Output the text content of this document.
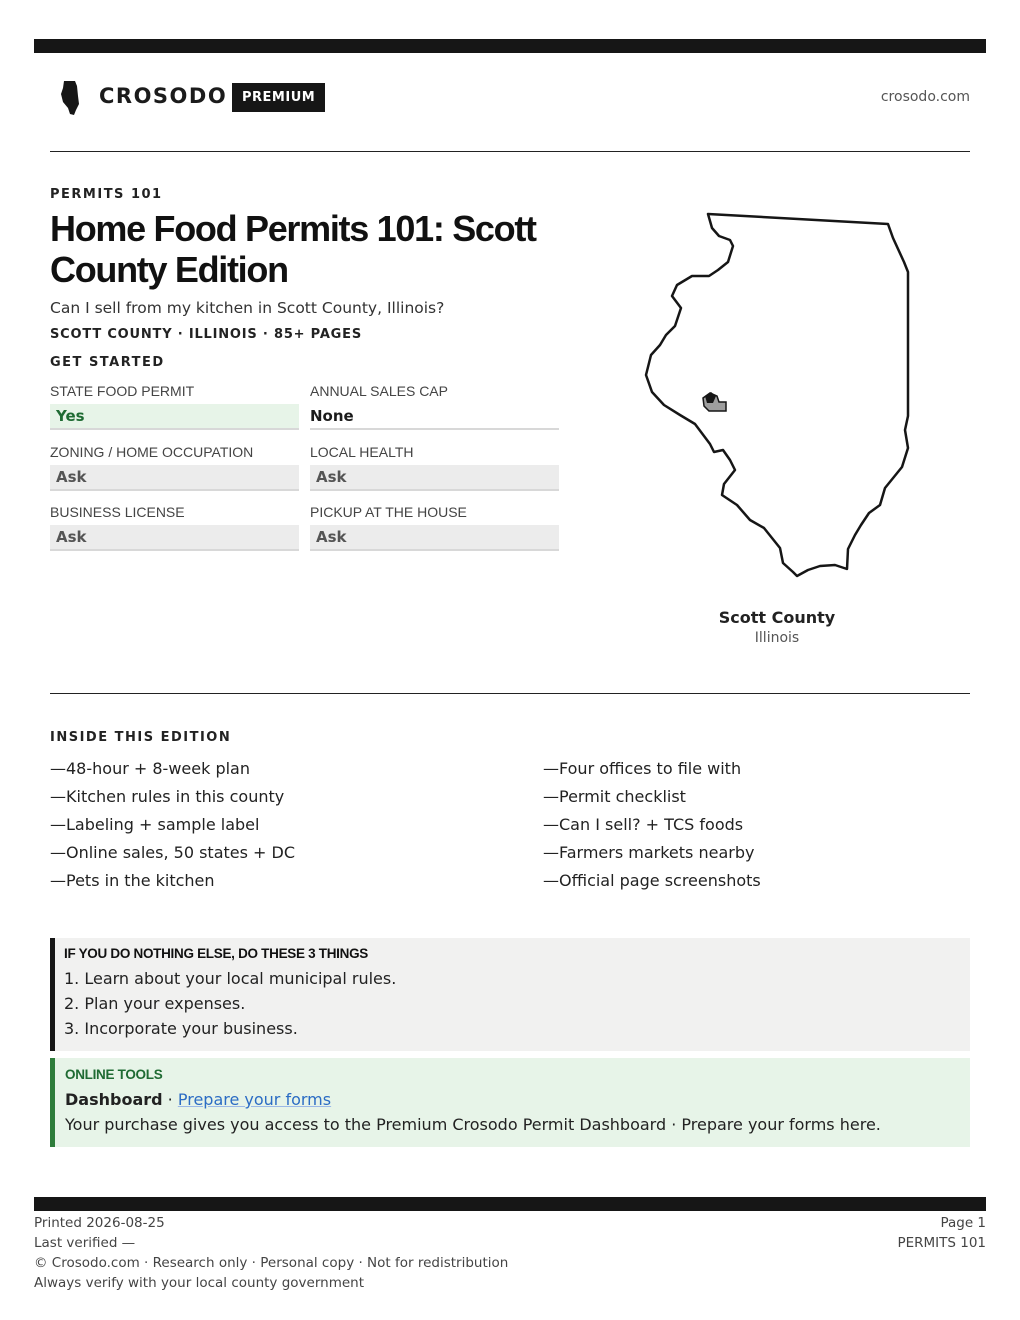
CROSODO	PREMIUM	crosodo.com
PERMITS 101
Home Food Permits 101: Scott County Edition
Can I sell from my kitchen in Scott County, Illinois?
SCOTT COUNTY · ILLINOIS · 85+ PAGES
GET STARTED
STATE FOOD PERMIT
Yes
ANNUAL SALES CAP
None
ZONING / HOME OCCUPATION
Ask
LOCAL HEALTH
Ask
BUSINESS LICENSE
Ask
PICKUP AT THE HOUSE
Ask
Scott County
Illinois
INSIDE THIS EDITION
—48-hour + 8-week plan
—Kitchen rules in this county
—Labeling + sample label
—Online sales, 50 states + DC
—Pets in the kitchen
—Four offices to file with
—Permit checklist
—Can I sell? + TCS foods
—Farmers markets nearby
—Official page screenshots
IF YOU DO NOTHING ELSE, DO THESE 3 THINGS
1. Learn about your local municipal rules.
2. Plan your expenses.
3. Incorporate your business.
ONLINE TOOLS
Dashboard · Prepare your forms
Your purchase gives you access to the Premium Crosodo Permit Dashboard · Prepare your forms here.
Printed 2026-08-25
Last verified —
© Crosodo.com · Research only · Personal copy · Not for redistribution
Always verify with your local county government
Page 1
PERMITS 101
